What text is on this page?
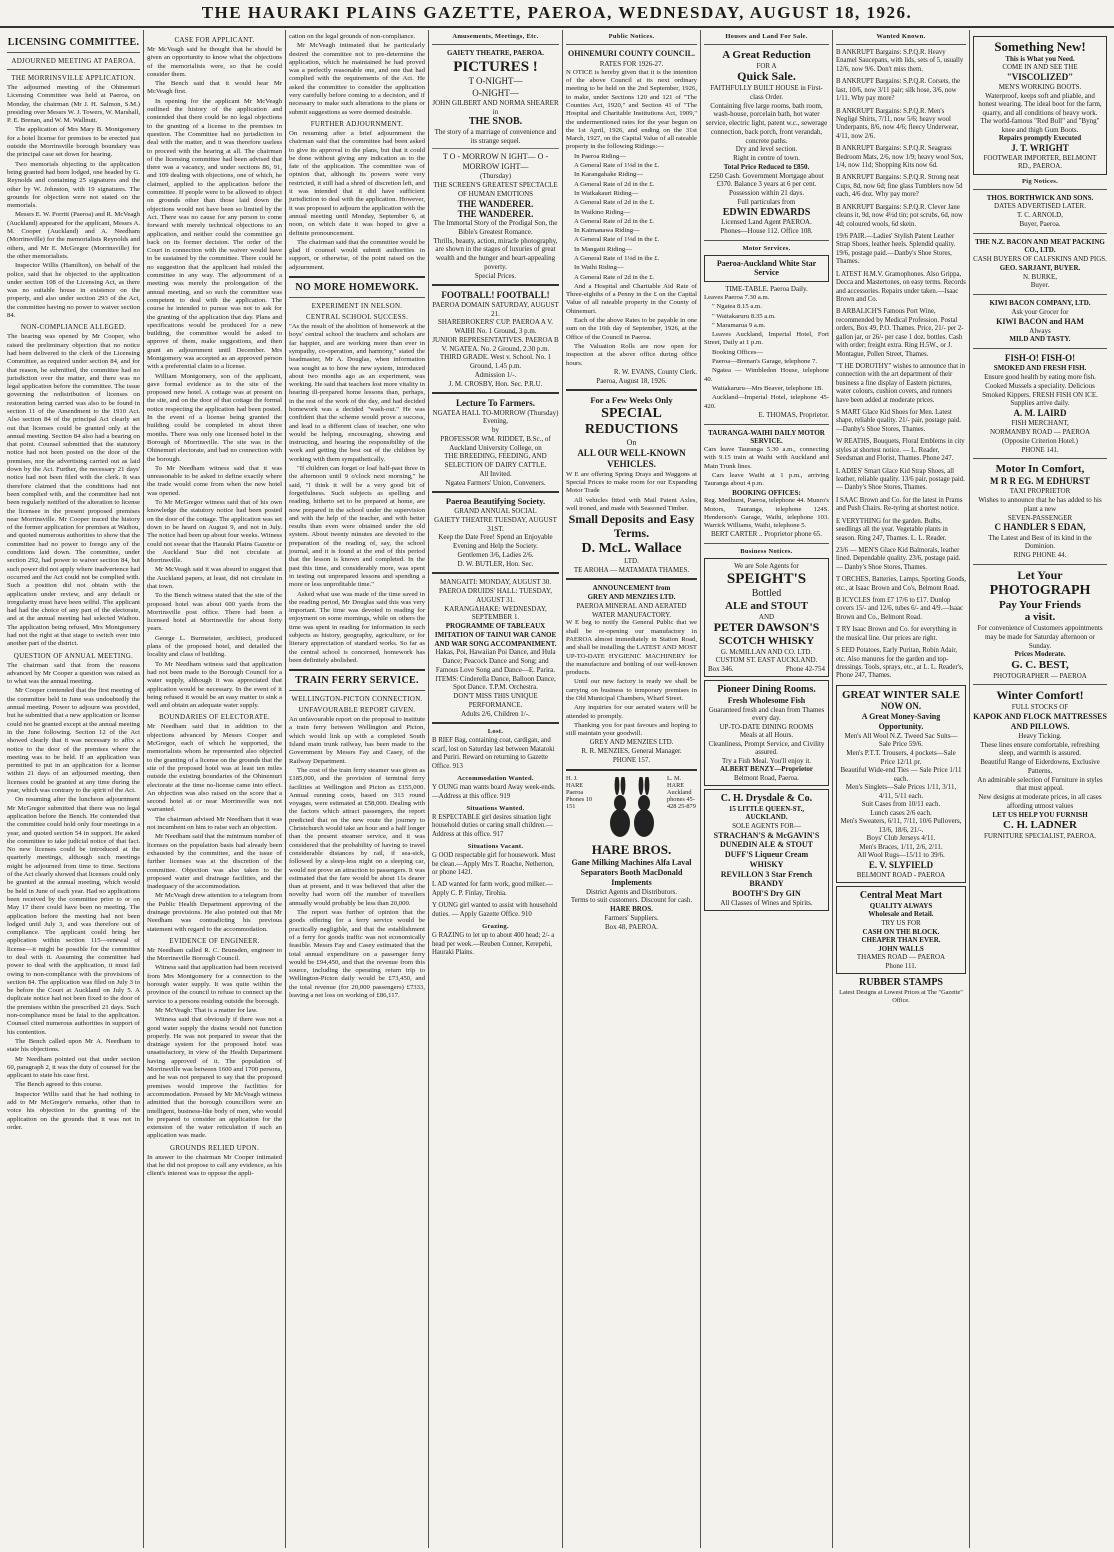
THE HAURAKI PLAINS GAZETTE, PAEROA, WEDNESDAY, AUGUST 18, 1926.
LICENSING COMMITTEE.
ADJOURNED MEETING AT PAEROA.
THE MORRINSVILLE APPLICATION.
The adjourned meeting of the Ohinemuri Licensing Committee was held at Paeroa, on Monday, the chairman (Mr J. H. Salmon, S.M.) presiding over Messrs W. J. Towers, W. Marshall, P. E. Brenan, and W. M. Wallnutt.
The application of Mrs Mary B. Montgomery for a hotel license for premises to be erected just outside the Morrinsville borough boundary was the principal case set down for hearing.
Two memorials objecting to the application being granted had been lodged, one headed by G. Reynolds and containing 25 signatures and the other by W. Johnston, with 19 signatures. The grounds for objection were not stated on the memorials.
Messrs E. W. Porritt (Paeroa) and R. McVeagh (Auckland) appeared for the applicant, Messrs A. M. Cooper (Auckland) and A. Needham (Morrinsville) for the memorialists Reynolds and others, and Mr E. McGregor (Morrinsville) for the other memorialists.
Inspector Willis (Hamilton), on behalf of the police, said that he objected to the application under section 108 of the Licensing Act, as there was no suitable house in existence on the property, and also under section 293 of the Act, the committee having no power to waiver section 84.
NON-COMPLIANCE ALLEGED.
The hearing was opened by Mr Cooper, who raised the preliminary objection that no notice had been delivered to the clerk of the Licensing Committee, as required under section 84, and for that reason, he submitted, the committee had no jurisdiction over the matter, and there was no legal application before the committee. The issue governing the redistribution of licenses on restoration being carried was also to be found in section 11 of the Amendment to the 1910 Act. Also section 84 of the principal Act clearly set out that licenses could be granted only at the annual meeting. Section 84 also had a bearing on that point. Counsel submitted that the statutory notice had not been posted on the door of the premises, nor the advertising carried out as laid down by the Act. Further, the necessary 21 days' notice had not been filed with the clerk. It was therefore claimed that the conditions had not been complied with, and the committee had not been regularly notified of the alteration to license the licensee in the present proposed premises near Morrinsville. Mr Cooper traced the history of the former application for premises at Waihou, and quoted numerous authorities to show that the committee had no power to forego any of the conditions laid down. The committee, under section 292, had power to waiver section 84, but such power did not apply where inadvertence had occurred and the Act could not be complied with. Such a position did not obtain with the application under review, and any default or irregularity must have been wilful. The applicant had had the choice of any part of the electorate, and at the annual meeting had selected Waihou. The application being refused, Mrs Montgomery had not the right at that stage to switch over into another part of the district.
QUESTION OF ANNUAL MEETING.
The chairman said that from the reasons advanced by Mr Cooper a question was raised as to what was the annual meeting.
Mr Cooper contended that the first meeting of the committee held in June was undoubtedly the annual meeting. Power to adjourn was provided, but he submitted that a new application or license could not be granted except at the annual meeting in the June following. Section 12 of the Act showed clearly that it was necessary to affix a notice to the door of the premises where the meeting was to be held. If an application was permitted to put in an application for a license within 21 days of an adjourned meeting, then licenses could be granted at any time during the year, which was contrary to the spirit of the Act.
On resuming after the luncheon adjournment Mr McGregor submitted that there was no legal application before the Bench. He contended that the committee could hold only four meetings in a year, and quoted section 54 in support. He asked the committee to take judicial notice of that fact. No new licenses could be introduced at the quarterly meetings, although such meetings might be adjourned from time to time. Sections of the Act clearly showed that licenses could only be granted at the annual meeting, which would be held in June of each year. Had no applications been received by the committee prior to or on May 17 there could have been no meeting. The application before the meeting had not been lodged until July 3, and was therefore out of compliance. The applicant could bring her application within section 115—renewal of license—it might be possible for the committee to deal with it. Assuming the committee had power to deal with the application, it must fail owing to non-compliance with the provisions of section 84. The application was filed on July 3 to be before the Court at Auckland on July 5. A duplicate notice had not been fixed to the door of the premises within the prescribed 21 days. Such non-compliance must be fatal to the application. Counsel cited numerous authorities in support of his contention.
The Bench called upon Mr A. Needham to state his objections.
Mr Needham pointed out that under section 60, paragraph 2, it was the duty of counsel for the applicant to state his case first.
The Bench agreed to this course.
Inspector Willis said that he had nothing to add to Mr McGregor's remarks, other than to voice his objection to the granting of the application on the grounds that it was not in order.
CASE FOR APPLICANT.
Mr McVeagh said he thought that he should be given an opportunity to know what the objections of the memorialists were, so that he could consider them.
The Bench said that it would hear Mr McVeagh first.
In opening for the applicant Mr McVeagh outlined the history of the application and contended that there could be no legal objections to the granting of a license to the premises in question. The Committee had no jurisdiction to deal with the matter, and it was therefore useless to proceed with the hearing at all. The chairman of the licensing committee had been advised that there was a vacancy, and under sections 86, 91, and 109 dealing with objections, one of which, he claimed, applied to the application before the committee. If people were to be allowed to object on grounds other than those laid down the objections would not have been so limited by the Act. There was no cause for any person to come forward with merely technical objections to an application, and neither could the committee go back on its former decision. The order of the Court in connection with the waiver would have to be sustained by the committee. There could be no suggestion that the applicant had misled the committee in any way. The adjournment of a meeting was merely the prolongation of the annual meeting, and so such the committee was competent to deal with the application. The course he intended to pursue was not to ask for the granting of the application that day. Plans and specifications would be produced for a new building, the committee would be asked to approve of them, make suggestions, and then grant an adjournment until December. Mrs Montgomery was accepted as an approved person with a preferential claim to a license.
William Montgomery, son of the applicant, gave formal evidence as to the site of the proposed new hotel. A cottage was at present on the site, and on the door of that cottage the formal notice respecting the application had been posted. In the event of a license being granted the building could be completed in about three months. There was only one licensed hotel in the Borough of Morrinsville. The site was in the Ohinemuri electorate, and had no connection with the borough.
To Mr Needham witness said that it was unreasonable to be asked to define exactly where the trade would come from when the new hotel was opened.
To Mr McGregor witness said that of his own knowledge the statutory notice had been posted on the door of the cottage. The application was set down to be heard on August 9, and not in July. The notice had been up about four weeks. Witness could not swear that the Hauraki Plains Gazette or the Auckland Star did not circulate at Morrinsville.
Mr McVeagh said it was absurd to suggest that the Auckland papers, at least, did not circulate in that town.
To the Bench witness stated that the site of the proposed hotel was about 600 yards from the Morrinsville post office. There had been a licensed hotel at Morrinsville for about forty years.
George L. Burmeister, architect, produced plans of the proposed hotel, and detailed the locality and class of building.
To Mr Needham witness said that application had not been made to the Borough Council for a water supply, although it was appreciated that application would be necessary. In the event of it being refused it would be an easy matter to sink a well and obtain an adequate water supply.
BOUNDARIES OF ELECTORATE.
Mr Needham said that in addition to the objections advanced by Messrs Cooper and McGregor, each of which he supported, the memorialists whom he represented also objected to the granting of a license on the grounds that the site of the proposed hotel was at least ten miles outside the existing boundaries of the Ohinemuri electorate at the time no-license came into effect. An objection was also raised on the score that a second hotel at or near Morrinsville was not warranted.
The chairman advised Mr Needham that it was not incumbent on him to raise such an objection.
Mr Needham said that the minimum number of licenses on the population basis had already been exhausted by the committee, and the issue of further licenses was at the discretion of the committee. Objection was also taken to the proposed water and drainage facilities, and the inadequacy of the accommodation.
Mr McVeagh drew attention to a telegram from the Public Health Department approving of the drainage provisions. He also pointed out that Mr Needham was contradicting his previous statement with regard to the accommodation.
EVIDENCE OF ENGINEER.
Mr Needham called R. C. Brunsden, engineer to the Morrinsville Borough Council.
Witness said that application had been received from Mrs Montgomery for a connection to the borough water supply. It was quite within the province of the council to refuse to connect up the service to a persons residing outside the borough.
Mr McVeagh: That is a matter for law.
Witness said that obviously if there was not a good water supply the drains would not function properly. He was not prepared to swear that the drainage system for the proposed hotel was unsatisfactory, in view of the Health Department having approved of it. The population of Morrinsville was between 1600 and 1700 persons, and he was not prepared to say that the proposed premises would improve the facilities for accommodation. Pressed by Mr McVeagh witness admitted that the borough councillors were an intelligent, business-like body of men, who would be prepared to consider an application for the extension of the water reticulation if such an application was made.
GROUNDS RELIED UPON.
In answer to the chairman Mr Cooper intimated that he did not propose to call any evidence, as his client's interest was to oppose the appli-
cation on the legal grounds of non-compliance.
Mr McVeagh intimated that he particularly desired the committee not to pre-determine the application, which he maintained he had proved was a perfectly reasonable one, and one that had complied with the requirements of the Act. He asked the committee to consider the application very carefully before coming to a decision, and if necessary to make such alterations to the plans or submit suggestions as were deemed desirable.
FURTHER ADJOURNMENT.
On resuming after a brief adjournment the chairman said that the committee had been asked to give its approval to the plans, but that it could be done without giving any indication as to the fate of the application. The committee was of opinion that, although its powers were very restricted, it still had a shred of discretion left, and it was intended that it did have sufficient jurisdiction to deal with the application. However, it was proposed to adjourn the application with the annual meeting until Monday, September 6, at noon, on which date it was hoped to give a definite pronouncement.
The chairman said that the committee would be glad if counsel would submit authorities in support, or otherwise, of the point raised on the adjournment.
NO MORE HOMEWORK.
EXPERIMENT IN NELSON.
CENTRAL SCHOOL SUCCESS.
"As the result of the abolition of homework at the boys' central school the teachers and scholars are far happier, and are working more than ever in sympathy, co-operation, and harmony," stated the headmaster, Mr A. Douglas, when information was sought as to how the new system, introduced about two months ago as an experiment, was working. He said that teachers lost more vitality in hearing ill-prepared home lessons than, perhaps, in the rest of the work of the day, and had decided homework was a decided "wash-out." He was confident that the scheme would prove a success, and lead to a different class of teacher, one who would be helping, encouraging, showing and instructing, and hearing the responsibility of the work and getting the best out of the children by working with them sympathetically.
"If children can forget or loaf half-past three in the afternoon until 9 o'clock next morning," he said, "I think it will be a very good bit of forgetfulness. Such subjects as spelling and reading, hitherto set to be prepared at home, are now prepared in the school under the supervision and with the help of the teacher, and with better results than even were obtained under the old system. About twenty minutes are devoted to the preparation of the reading of, say, the school journal, and it is found at the end of this period that the lesson is known and completed. In the past this time, and considerably more, was spent in testing out unprepared lessons and spending a more or less unprofitable time."
Asked what use was made of the time saved in the reading period, Mr Douglas said this was very important. The time was devoted to reading for enjoyment on some mornings, while on others the time was spent in reading for information in such subjects as history, geography, agriculture, or for literary appreciation of standard works. So far as the central school is concerned, homework has been definitely abolished.
TRAIN FERRY SERVICE.
WELLINGTON-PICTON CONNECTION.
UNFAVOURABLE REPORT GIVEN.
An unfavourable report on the proposal to institute a train ferry between Wellington and Picton, which would link up with a completed South Island main trunk railway, has been made to the Government by Messrs Fay and Casey, of the Railway Department.
The cost of the train ferry steamer was given as £185,000, and the provision of terminal ferry facilities at Wellington and Picton as £155,000. Annual running costs, based on 313 round voyages, were estimated at £58,000. Dealing with the factors which attract passengers, the report predicted that on the new route the journey to Christchurch would take an hour and a half longer than the present steamer service, and it was considered that the probability of having to travel considerable distances by rail, if sea-sick, followed by a sleep-less night on a sleeping car, would not prove an attraction to passengers. It was estimated that the fare would be about 11s dearer than at present, and it was believed that after the novelty had worn off the number of travellers annually would probably be less than 20,000.
The report was further of opinion that the goods offering for a ferry service would be practically negligible, and that the establishment of a ferry for goods traffic was not economically feasible. Messrs Fay and Casey estimated that the total annual expenditure on a passenger ferry would be £94,450, and that the revenue from this source, including the operating return trip to Wellington-Picton daily would be £73,450, and the total revenue (for 20,000 passengers) £7333, leaving a net loss on working of £86,117.
Amusements, Meetings, Etc.
GAIETY THEATRE, PAEROA.
PICTURES !
T O-NIGHT—
O-NIGHT—
JOHN GILBERT AND NORMA SHEARER
in
THE SNOB.
The story of a marriage of convenience and its strange sequel.
T O - MORROW N IGHT— O - MORROW IGHT—
(Thursday)
THE SCREEN'S GREATEST SPECTACLE OF HUMAN EMOTIONS
THE WANDERER.
THE WANDERER.
The Immortal Story of the Prodigal Son, the Bible's Greatest Romance.
Thrills, beauty, action, miracle photography, are shown in the stages of luxuries of great wealth and the hunger and heart-appealing poverty.
Special Prices.
FOOTBALL! FOOTBALL!
PAEROA DOMAIN SATURDAY, AUGUST 21.
SHAREBROKERS' CUP. PAEROA A V. WAIHI No. 1 Ground, 3 p.m.
JUNIOR REPRESENTATIVES. PAEROA B V. NGATEA. No. 2 Ground, 2.30 p.m.
THIRD GRADE. West v. School. No. 1 Ground, 1.45 p.m.
Admission 1/-.
J. M. CROSBY, Hon. Sec. P.R.U.
Lecture To Farmers.
NGATEA HALL TO-MORROW (Thursday) Evening,
by
PROFESSOR WM. RIDDET, B.Sc., of Auckland University College, on
THE BREEDING, FEEDING, AND SELECTION OF DAIRY CATTLE.
All Invited.
Ngatea Farmers' Union, Conveners.
Paeroa Beautifying Society.
GRAND ANNUAL SOCIAL
GAIETY THEATRE TUESDAY, AUGUST 31ST.
Keep the Date Free! Spend an Enjoyable Evening and Help the Society.
Gentlemen 3/6, Ladies 2/6.
D. W. BUTLER, Hon. Sec.
MANGAITI: MONDAY, AUGUST 30.
PAEROA DRUIDS' HALL: TUESDAY, AUGUST 31.
KARANGAHAKE: WEDNESDAY, SEPTEMBER 1.
PROGRAMME OF TABLEAUX IMITATION OF TAINUI WAR CANOE AND WAR SONG ACCOMPANIMENT.
Hakas, Poi, Hawaiian Poi Dance, and Hula Dance; Peacock Dance and Song; and Famous Love Song and Dance—E. Parira.
ITEMS: Cinderella Dance, Balloon Dance, Spot Dance. T.P.M. Orchestra.
DON'T MISS THIS UNIQUE PERFORMANCE.
Adults 2/6, Children 1/-.
Lost.
B RIEF Bag, containing coat, cardigan, and scarf, lost on Saturday last between Matatoki and Puriri. Reward on returning to Gazette Office. 913
Accommodation Wanted.
Y OUNG man wants board Away week-ends.—Address at this office. 919
Situations Wanted.
R ESPECTABLE girl desires situation light household duties or caring small children.—Address at this office. 917
Situations Vacant.
G OOD respectable girl for housework. Must be clean.—Apply Mrs T. Roache, Netherton, or phone 142J.
L AD wanted for farm work, good milker.—Apply C. P. Finlay, Tirohia.
Y OUNG girl wanted to assist with household duties. — Apply Gazette Office. 910
Grazing.
G RAZING to let up to about 400 head; 2/- a head per week.—Reuben Conner, Kerepehi, Hauraki Plains.
Public Notices.
OHINEMURI COUNTY COUNCIL.
RATES FOR 1926-27.
N OTICE is hereby given that it is the intention of the above Council at its next ordinary meeting to be held on the 2nd September, 1926, to make, under Sections 120 and 121 of "The Counties Act, 1920," and Section 41 of "The Hospital and Charitable Institutions Act, 1909," the undermentioned rates for the year begun on the 1st April, 1926, and ending on the 31st March, 1927, on the Capital Value of all rateable property in the following Ridings:—
In Paeroa Riding—
A General Rate of 1⅛d in the £.
In Karangahake Riding—
A General Rate of 2d in the £.
In Waikakauri Riding—
A General Rate of 2d in the £.
In Waikino Riding—
A General Rate of 2d in the £.
In Kaimanawa Riding—
A General Rate of 1⅛d in the £.
In Mangaiti Riding—
A General Rate of 1⅛d in the £.
In Waihi Riding—
A General Rate of 2d in the £.
And a Hospital and Charitable Aid Rate of Three-eighths of a Penny in the £ on the Capital Value of all rateable property in the County of Ohinemuri.
Each of the above Rates to be payable in one sum on the 16th day of September, 1926, at the Office of the Council in Paeroa.
The Valuation Rolls are now open for inspection at the above office during office hours.
R. W. EVANS, County Clerk.
Paeroa, August 18, 1926.
For a Few Weeks Only
SPECIAL REDUCTIONS
On
ALL OUR WELL-KNOWN VEHICLES.
W E are offering Spring Drays and Waggons at Special Prices to make room for our Expanding Motor Trade
All vehicles fitted with Mail Patent Axles, well ironed, and made with Seasoned Timber.
Small Deposits and Easy Terms.
D. McL. Wallace
LTD.
TE AROHA — MATAMATA THAMES.
ANNOUNCEMENT from
GREY AND MENZIES LTD.
PAEROA MINERAL AND AERATED WATER MANUFACTORY.
W E beg to notify the General Public that we shall be re-opening our manufactory in PAEROA almost immediately in Station Road, and shall be installing the LATEST AND MOST UP-TO-DATE HYGIENIC MACHINERY for the manufacture and bottling of our well-known products.
Until our new factory is ready we shall be carrying on business to temporary premises in the Old Municipal Chambers, Wharf Street.
Any inquiries for our aerated waters will be attended to promptly.
Thanking you for past favours and hoping to still maintain your goodwill.
GREY AND MENZIES LTD.
R. R. MENZIES, General Manager.
PHONE 157.
H. J. HARE Paeroa Phones 10 151
L. M. HARE Auckland phones 45-428 25-879
HARE BROS.
Gane Milking Machines Alfa Laval Separators Booth MacDonald Implements
District Agents and Distributors.
Terms to suit customers. Discount for cash.
HARE BROS.
Farmers' Suppliers.
Box 48, PAEROA.
Houses and Land For Sale.
A Great Reduction
FOR A
Quick Sale.
FAITHFULLY BUILT HOUSE in First-class Order.
Containing five large rooms, bath room, wash-house, porcelain bath, hot water service, electric light, patent w.c., sewerage connection, back porch, front verandah, concrete paths.
Dry and level section.
Right in centre of town.
Total Price Reduced to £850.
£250 Cash. Government Mortgage about £370. Balance 3 years at 6 per cent.
Possession within 21 days.
Full particulars from
EDWIN EDWARDS
Licensed Land Agent PAEROA.
Phones—House 112. Office 108.
Motor Services.
Paeroa-Auckland White Star Service
TIME-TABLE. Paeroa Daily.
Leaves Paeroa 7.30 a.m.
" Ngatea 8.15 a.m.
" Waitakaruru 8.35 a.m.
" Maramarua 9 a.m.
Leaves Auckland, Imperial Hotel, Fort Street, Daily at 1 p.m.
Booking Offices—
Paeroa—Brenan's Garage, telephone 7.
Ngatea — Wimbledon House, telephone 40.
Waitakaruru—Mrs Beaver, telephone 1B.
Auckland—Imperial Hotel, telephone 45-420.
E. THOMAS, Proprietor.
TAURANGA-WAIHI DAILY MOTOR SERVICE.
Cars leave Tauranga 5.30 a.m., connecting with 9.15 train at Waihi with Auckland and Main Trunk lines.
Cars leave Waihi at 1 p.m., arriving Tauranga about 4 p.m.
BOOKING OFFICES:
Reg. Medhurst, Paeroa, telephone 44. Munro's Motors, Tauranga, telephone 124S. Henderson's Garage, Waihi, telephone 103. Warrick Williams, Waihi, telephone 5.
BERT CARTER .. Proprietor phone 65.
Business Notices.
We are Sole Agents for
SPEIGHT'S
Bottled
ALE and STOUT
AND
PETER DAWSON'S
SCOTCH WHISKY
G. McMILLAN AND CO. LTD.
CUSTOM ST. EAST AUCKLAND.
Box 346.	Phone 42-754
Pioneer Dining Rooms.
Fresh Wholesome Fish
Guaranteed fresh and clean from Thames every day.
UP-TO-DATE DINING ROOMS
Meals at all Hours.
Cleanliness, Prompt Service, and Civility assured.
Try a Fish Meal. You'll enjoy it.
ALBERT BENZY—Proprietor
Belmont Road, Paeroa.
C. H. Drysdale & Co.
15 LITTLE QUEEN-ST., AUCKLAND.
SOLE AGENTS FOR—
STRACHAN'S & McGAVIN'S DUNEDIN ALE & STOUT
DUFF'S Liqueur Cream WHISKY
REVILLON 3 Star French BRANDY
BOOTH'S Dry GIN
All Classes of Wines and Spirits.
Wanted Known.
B ANKRUPT Bargains: S.P.Q.R. Heavy Enamel Saucepans, with lids, sets of 5, usually 12/6, now 9/6. Don't miss them.
B ANKRUPT Bargains: S.P.Q.R. Corsets, the last, 10/6, now 3/11 pair; silk hose, 3/6, now 1/11. Why pay more?
B ANKRUPT Bargains: S.P.Q.R. Men's Negligé Shirts, 7/11, now 5/6; heavy wool Underpants, 8/6, now 4/6; fleecy Underwear, 4/11, now 2/6.
B ANKRUPT Bargains: S.P.Q.R. Seagrass Bedroom Mats, 2/6, now 1/9; heavy wool Sox, 1/4, now 11d; Shopping Kits now 6d.
B ANKRUPT Bargains: S.P.Q.R. Strong neat Cups, 8d, now 6d; fine glass Tumblers now 5d each, 4/6 doz. Why pay more?
B ANKRUPT Bargains: S.P.Q.R. Clever Jane cleans it, 9d, now 4½d tin; pot scrubs, 6d, now 4d; coloured wools, 6d skein.
19/6 PAIR.—Ladies' Stylish Patent Leather Strap Shoes, leather heels. Splendid quality. 19/6, postage paid.—Danby's Shoe Stores, Thames.
L ATEST H.M.V. Gramophones. Also Grippa, Decca and Mastertones, on easy terms. Records and accessories. Repairs under taken.—Isaac Brown and Co.
B ARBALICH'S Famous Port Wine, recommended by Medical Profession. Postal orders, Box 49, P.O. Thames. Price, 21/- per 2-gallon jar, or 26/- per case 1 doz. bottles. Cash with order; freight extra. Ring H.5W., or J. Montague, Pollen Street, Thames.
"T HE DOROTHY" wishes to announce that in connection with the art department of their business a fine display of Eastern pictures, water colours, cushion covers, and runners have been added at moderate prices.
S MART Glace Kid Shoes for Men. Latest shape, reliable quality. 21/- pair, postage paid.—Danby's Shoe Stores, Thames.
W REATHS, Bouquets, Floral Emblems in city styles at shortest notice. — L. Reader, Seedsman and Florist, Thames. Phone 247.
L ADIES' Smart Glace Kid Strap Shoes, all leather, reliable quality. 13/6 pair, postage paid. — Danby's Shoe Stores, Thames.
I SAAC Brown and Co. for the latest in Prams and Push Chairs. Re-tyring at shortest notice.
E VERYTHING for the garden. Bulbs, seedlings all the year. Vegetable plants in season. Ring 247, Thames. L. L. Reader.
23/6 — MEN'S Glace Kid Balmorals, leather lined. Dependable quality. 23/6, postage paid. — Danby's Shoe Stores, Thames.
T ORCHES, Batteries, Lamps, Sporting Goods, etc., at Isaac Brown and Co's, Belmont Road.
B ICYCLES from £7 17/6 to £17. Dunlop covers 15/- and 12/6, tubes 6/- and 4/9.—Isaac Brown and Co., Belmont Road.
T RY Isaac Brown and Co. for everything in the musical line. Our prices are right.
S EED Potatoes, Early Puritan, Robin Adair, etc. Also manures for the garden and top-dressings. Tools, sprays, etc., at L. L. Reader's, Phone 247, Thames.
GREAT WINTER SALE
NOW ON.
A Great Money-Saving Opportunity.
Men's All Wool N.Z. Tweed Sac Suits—Sale Price 59/6.
Men's P.T.T. Trousers, 4 pockets—Sale Price 12/11 pr.
Beautiful Wide-end Ties — Sale Price 1/11 each.
Men's Singlets—Sale Prices 1/11, 3/11, 4/11, 5/11 each.
Suit Cases from 10/11 each.
Lunch cases 2/6 each.
Men's Sweaters, 6/11, 7/11, 10/6 Pullovers, 13/6, 18/6, 21/-.
Boys' Club Jerseys 4/11.
Men's Braces, 1/11, 2/6, 2/11.
All Wool Rugs—15/11 to 39/6.
E. V. SLYFIELD
BELMONT ROAD - PAEROA
Central Meat Mart
QUALITY ALWAYS
Wholesale and Retail.
TRY US FOR
CASH ON THE BLOCK.
CHEAPER THAN EVER.
JOHN WALLS
THAMES ROAD — PAEROA
Phone 111.
RUBBER STAMPS
Latest Designs at Lowest Prices at The "Gazette" Office.
Something New!
This is What you Need.
COME IN AND SEE THE
"VISCOLIZED"
MEN'S WORKING BOOTS.
Waterproof, keeps soft and pliable, and honest wearing. The ideal boot for the farm, quarry, and all conditions of heavy work.
The world-famous "Red Bull" and "Byng" knee and thigh Gum Boots.
Repairs promptly Executed
J. T. WRIGHT
FOOTWEAR IMPORTER, BELMONT RD., PAEROA.
Pig Notices.
THOS. BORTHWICK AND SONS.
DATES ADVERTISED LATER.
T. C. ARNOLD,
Buyer, Paeroa.
THE N.Z. BACON AND MEAT PACKING CO., LTD.
CASH BUYERS OF CALFSKINS AND PIGS.
GEO. SARJANT, BUYER.
N. BURKE,
Buyer.
KIWI BACON COMPANY, LTD.
Ask your Grocer for
KIWI BACON and HAM
Always
MILD AND TASTY.
FISH-O! FISH-O!
SMOKED AND FRESH FISH.
Ensure good health by eating more fish.
Cooked Mussels a speciality. Delicious Smoked Kippers. FRESH FISH ON ICE. Supplies arrive daily.
A. M. LAIRD
FISH MERCHANT,
NORMANBY ROAD — PAEROA
(Opposite Criterion Hotel.)
PHONE 141.
Motor In Comfort,
M R R EG. M EDHURST
TAXI PROPRIETOR
Wishes to announce that he has added to his plant a new
SEVEN-PASSENGER
C HANDLER S EDAN,
The Latest and Best of its kind in the Dominion.
RING PHONE 44.
Let Your
PHOTOGRAPH
Pay Your Friends
a visit.
For convenience of Customers appointments may be made for Saturday afternoon or Sunday.
Prices Moderate.
G. C. BEST,
PHOTOGRAPHER — PAEROA
Winter Comfort!
FULL STOCKS OF
KAPOK AND FLOCK MATTRESSES AND PILLOWS.
Heavy Ticking.
These lines ensure comfortable, refreshing sleep, and warmth is assured.
Beautiful Range of Eiderdowns, Exclusive Patterns.
An admirable selection of Furniture in styles that must appeal.
New designs at moderate prices, in all cases affording utmost values
LET US HELP YOU FURNISH
C. H. LADNER
FURNITURE SPECIALIST, PAEROA.
